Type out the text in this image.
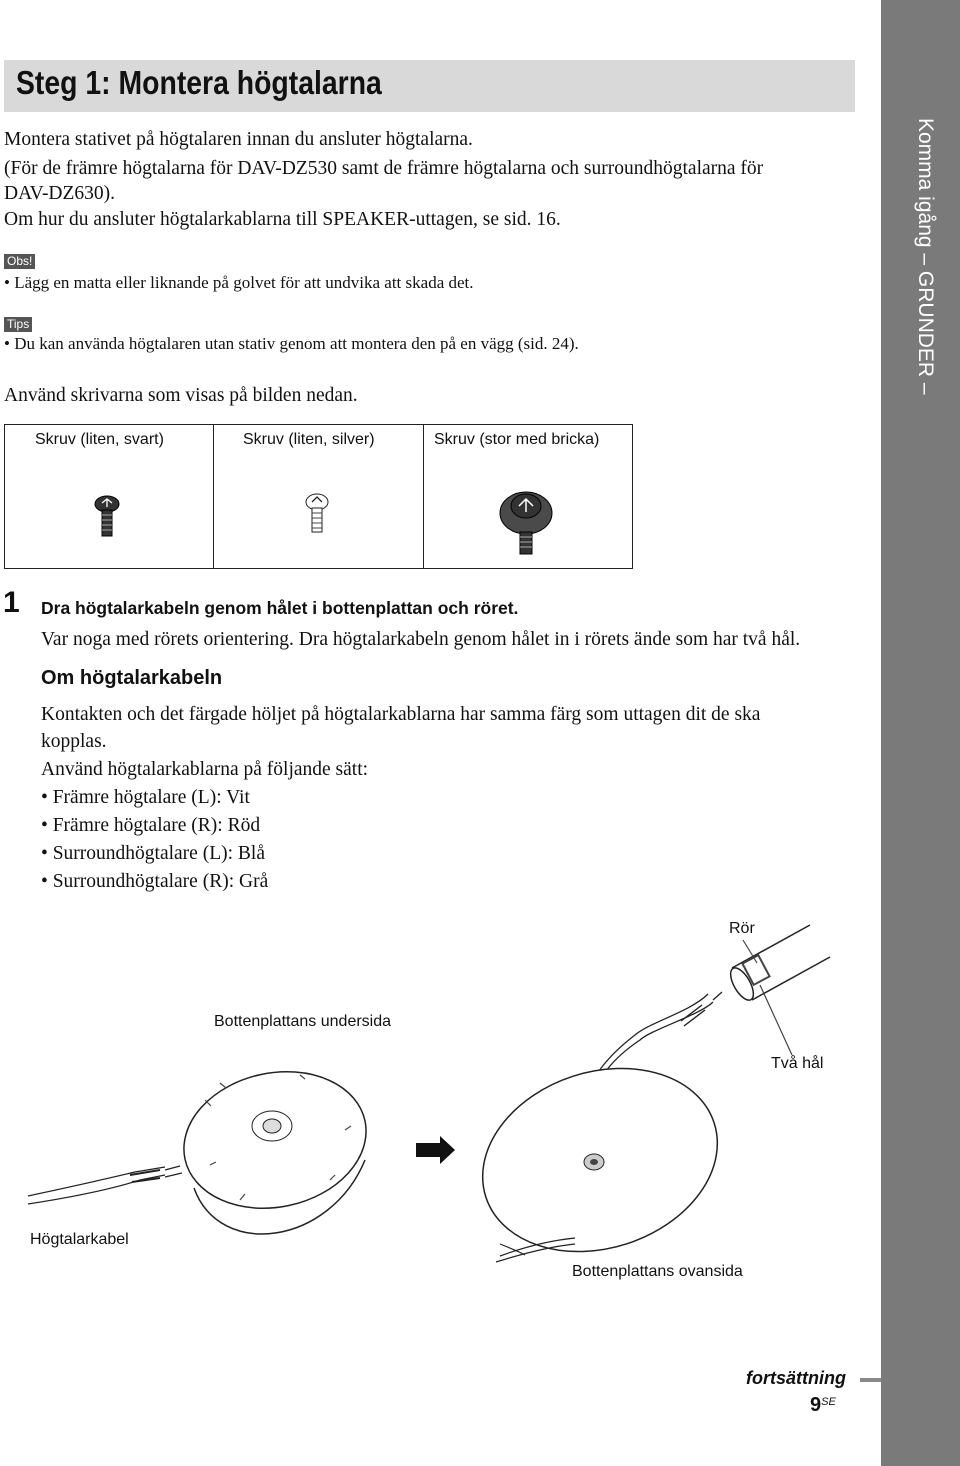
Komma igång – GRUNDER –
Steg 1: Montera högtalarna
Montera stativet på högtalaren innan du ansluter högtalarna.
(För de främre högtalarna för DAV-DZ530 samt de främre högtalarna och surroundhögtalarna för
DAV-DZ630).
Om hur du ansluter högtalarkablarna till SPEAKER-uttagen, se sid. 16.
Obs!
• Lägg en matta eller liknande på golvet för att undvika att skada det.
Tips
• Du kan använda högtalaren utan stativ genom att montera den på en vägg (sid. 24).
Använd skrivarna som visas på bilden nedan.
Skruv (liten, svart)	Skruv (liten, silver)	Skruv (stor med bricka)
1 Dra högtalarkabeln genom hålet i bottenplattan och röret.
Var noga med rörets orientering. Dra högtalarkabeln genom hålet in i rörets ände som har två hål.
Om högtalarkabeln
Kontakten och det färgade höljet på högtalarkablarna har samma färg som uttagen dit de ska
kopplas.
Använd högtalarkablarna på följande sätt:
• Främre högtalare (L): Vit
• Främre högtalare (R): Röd
• Surroundhögtalare (L): Blå
• Surroundhögtalare (R): Grå
Rör
Två hål
Bottenplattans undersida
Högtalarkabel
Bottenplattans ovansida
fortsättning
$9^{SE}$
